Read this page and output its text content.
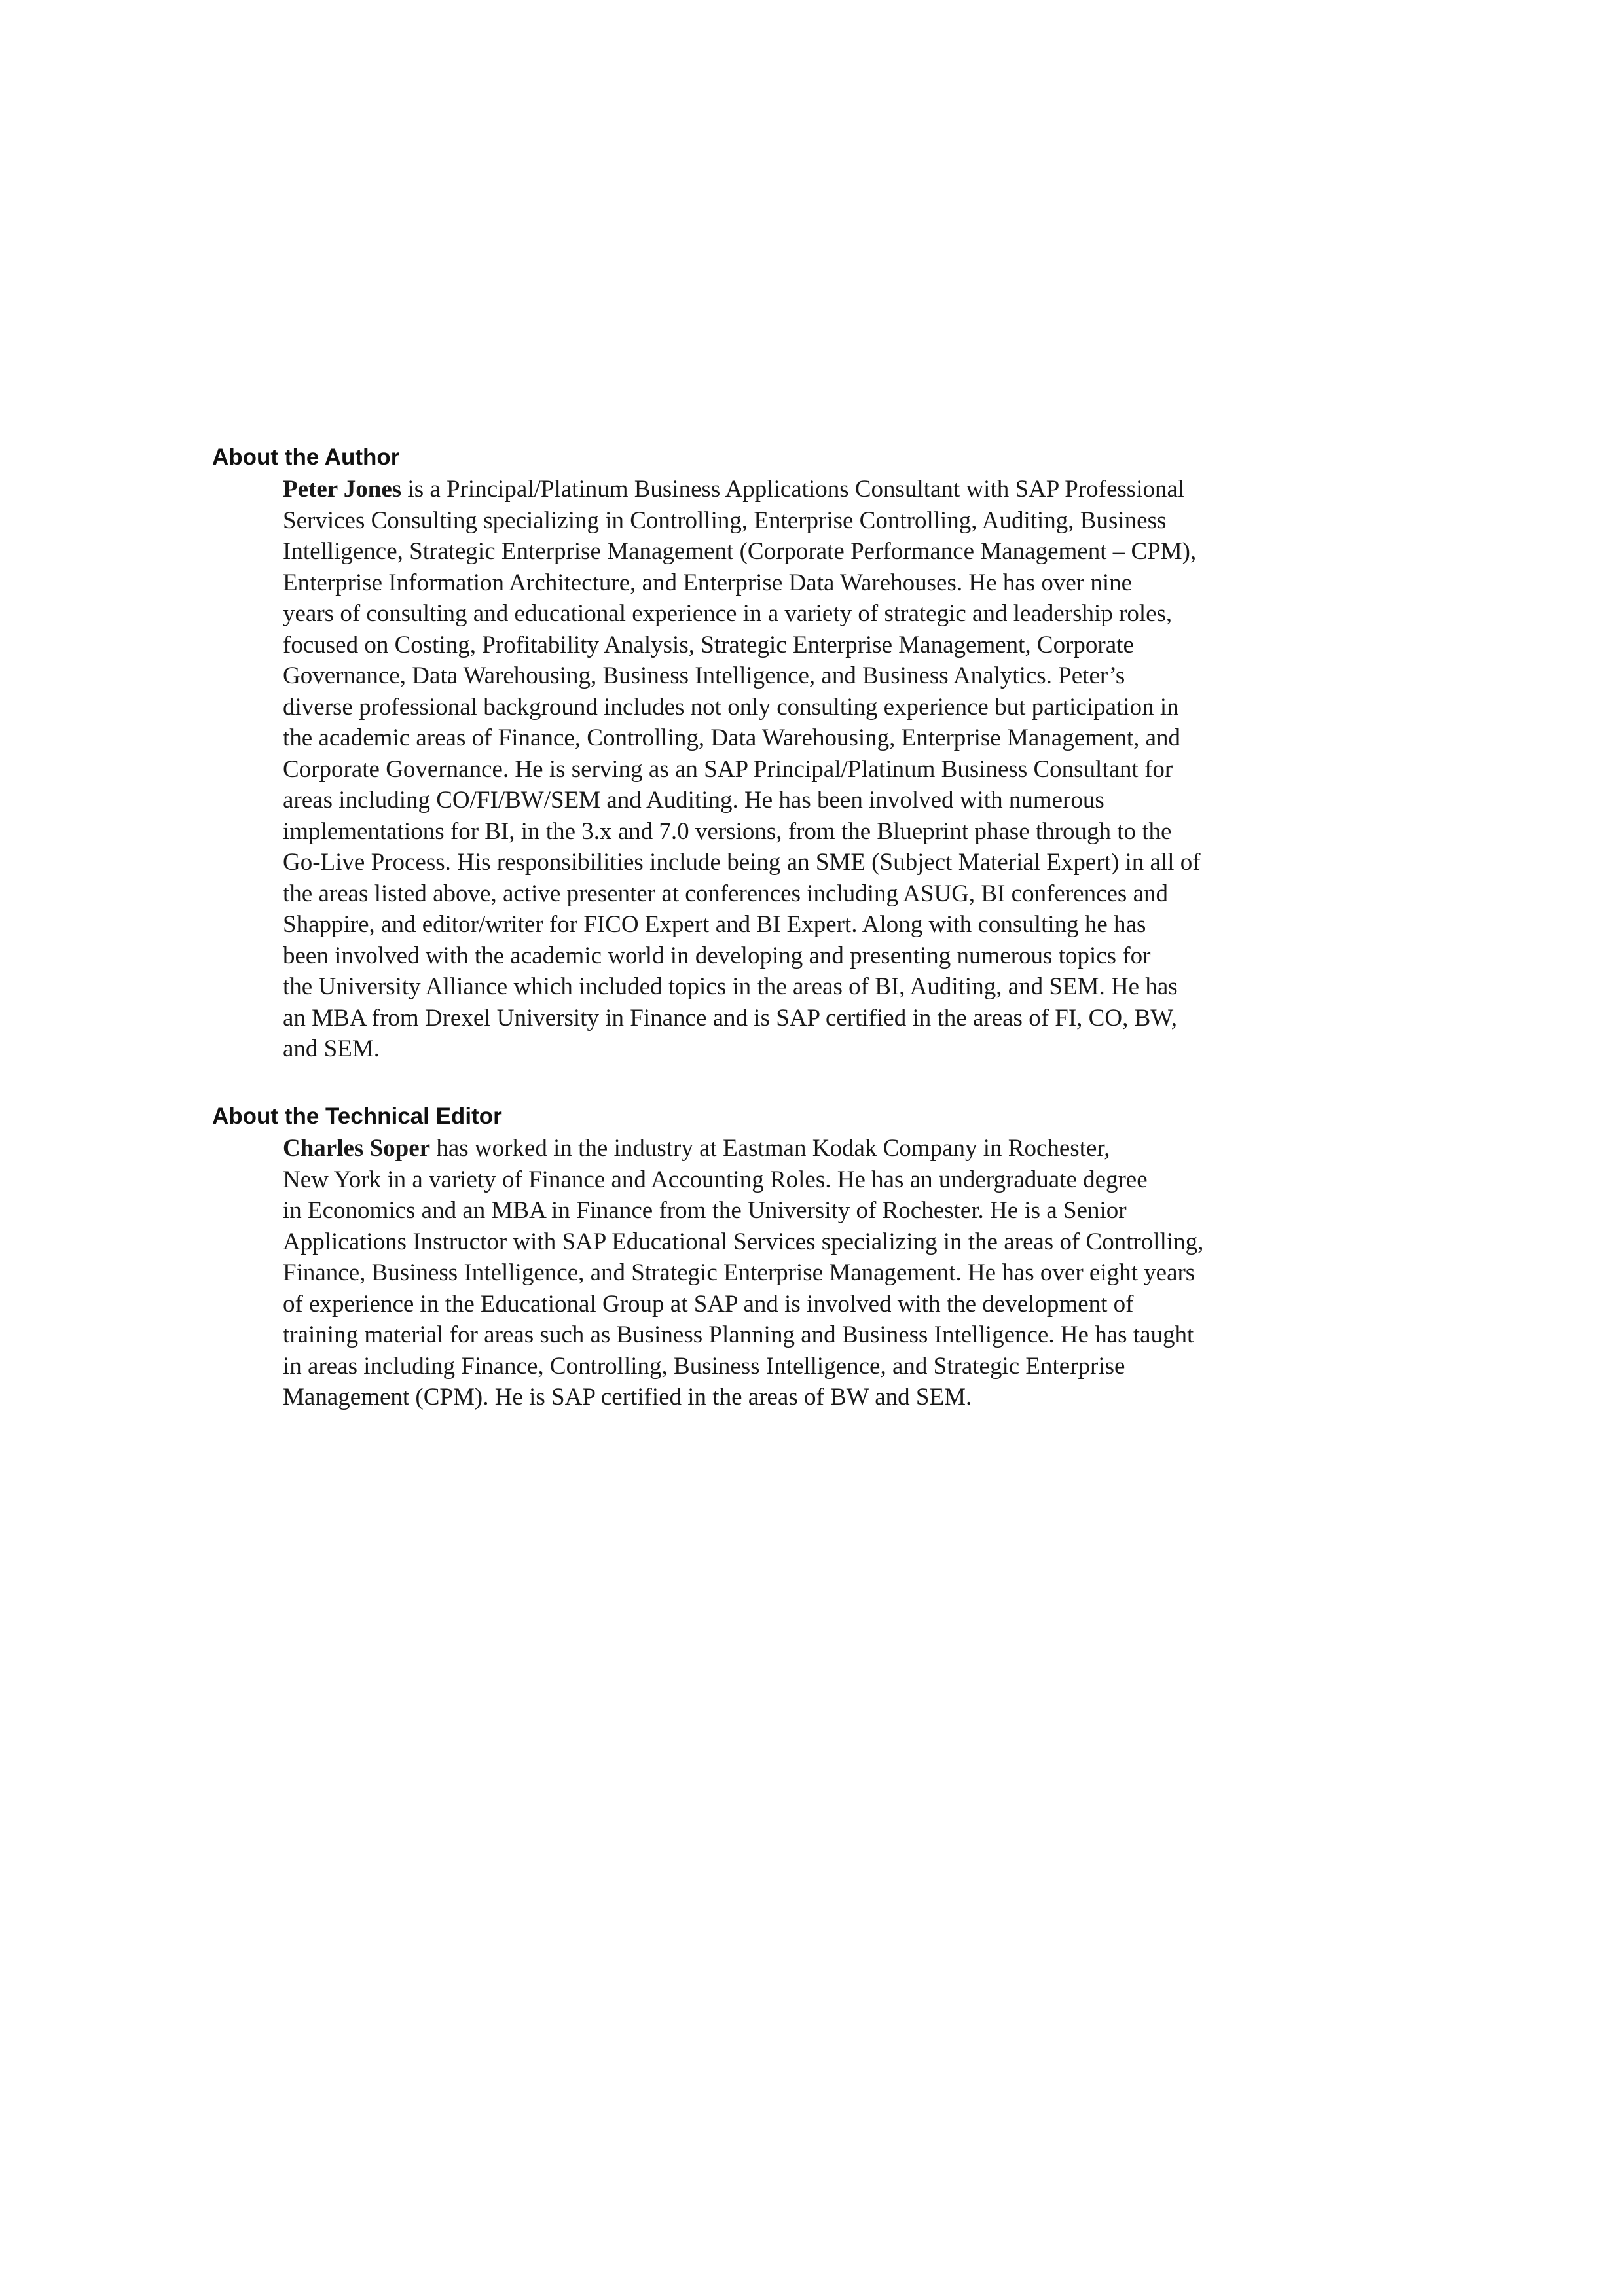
About the Author

Peter Jones is a Principal/Platinum Business Applications Consultant with SAP Professional
Services Consulting specializing in Controlling, Enterprise Controlling, Auditing, Business
Intelligence, Strategic Enterprise Management (Corporate Performance Management – CPM),
Enterprise Information Architecture, and Enterprise Data Warehouses. He has over nine
years of consulting and educational experience in a variety of strategic and leadership roles,
focused on Costing, Profitability Analysis, Strategic Enterprise Management, Corporate
Governance, Data Warehousing, Business Intelligence, and Business Analytics. Peter’s
diverse professional background includes not only consulting experience but participation in
the academic areas of Finance, Controlling, Data Warehousing, Enterprise Management, and
Corporate Governance. He is serving as an SAP Principal/Platinum Business Consultant for
areas including CO/FI/BW/SEM and Auditing. He has been involved with numerous
implementations for BI, in the 3.x and 7.0 versions, from the Blueprint phase through to the
Go-Live Process. His responsibilities include being an SME (Subject Material Expert) in all of
the areas listed above, active presenter at conferences including ASUG, BI conferences and
Shappire, and editor/writer for FICO Expert and BI Expert. Along with consulting he has
been involved with the academic world in developing and presenting numerous topics for
the University Alliance which included topics in the areas of BI, Auditing, and SEM. He has
an MBA from Drexel University in Finance and is SAP certified in the areas of FI, CO, BW,
and SEM.

About the Technical Editor

Charles Soper has worked in the industry at Eastman Kodak Company in Rochester,
New York in a variety of Finance and Accounting Roles. He has an undergraduate degree
in Economics and an MBA in Finance from the University of Rochester. He is a Senior
Applications Instructor with SAP Educational Services specializing in the areas of Controlling,
Finance, Business Intelligence, and Strategic Enterprise Management. He has over eight years
of experience in the Educational Group at SAP and is involved with the development of
training material for areas such as Business Planning and Business Intelligence. He has taught
in areas including Finance, Controlling, Business Intelligence, and Strategic Enterprise
Management (CPM). He is SAP certified in the areas of BW and SEM.
